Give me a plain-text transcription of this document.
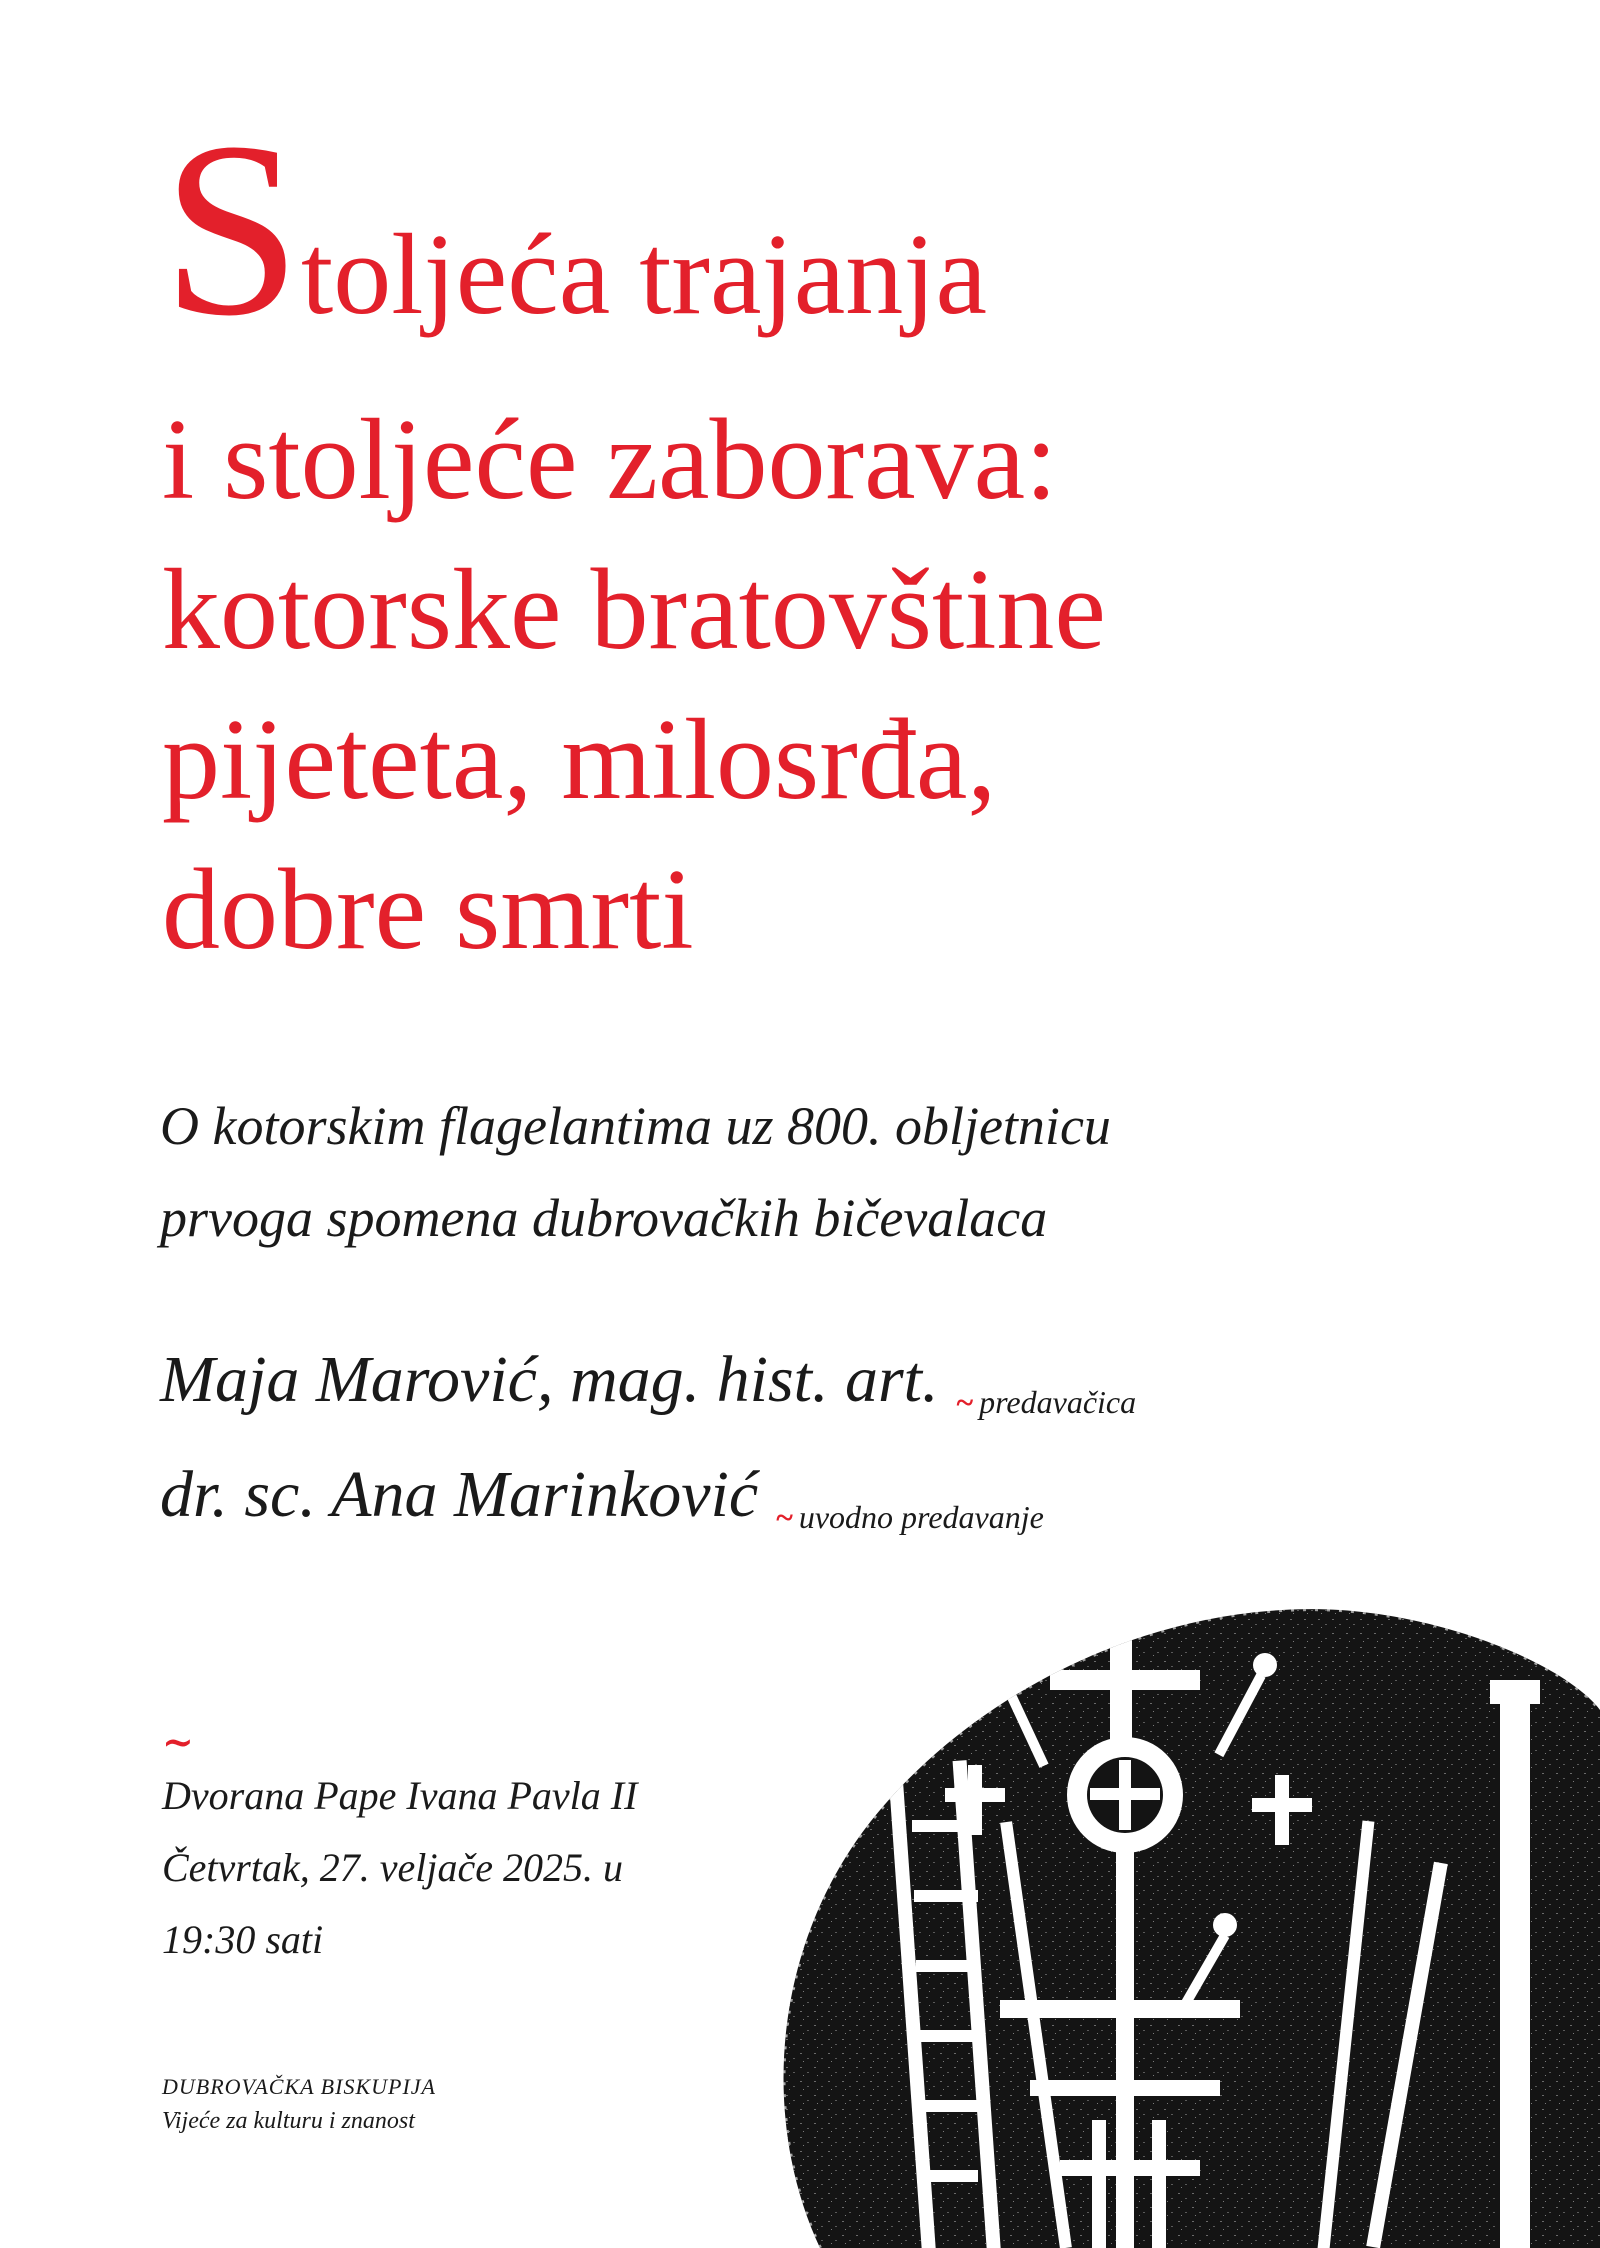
Stoljeća trajanja
i stoljeće zaborava:
kotorske bratovštine
pijeteta, milosrđa,
dobre smrti
O kotorskim flagelantima uz 800. obljetnicu
prvoga spomena dubrovačkih bičevalaca
Maja Marović, mag. hist. art. ~ predavačica
dr. sc. Ana Marinković ~ uvodno predavanje
~
Dvorana Pape Ivana Pavla II
Četvrtak, 27. veljače 2025. u
19:30 sati
DUBROVAČKA BISKUPIJA
Vijeće za kulturu i znanost
